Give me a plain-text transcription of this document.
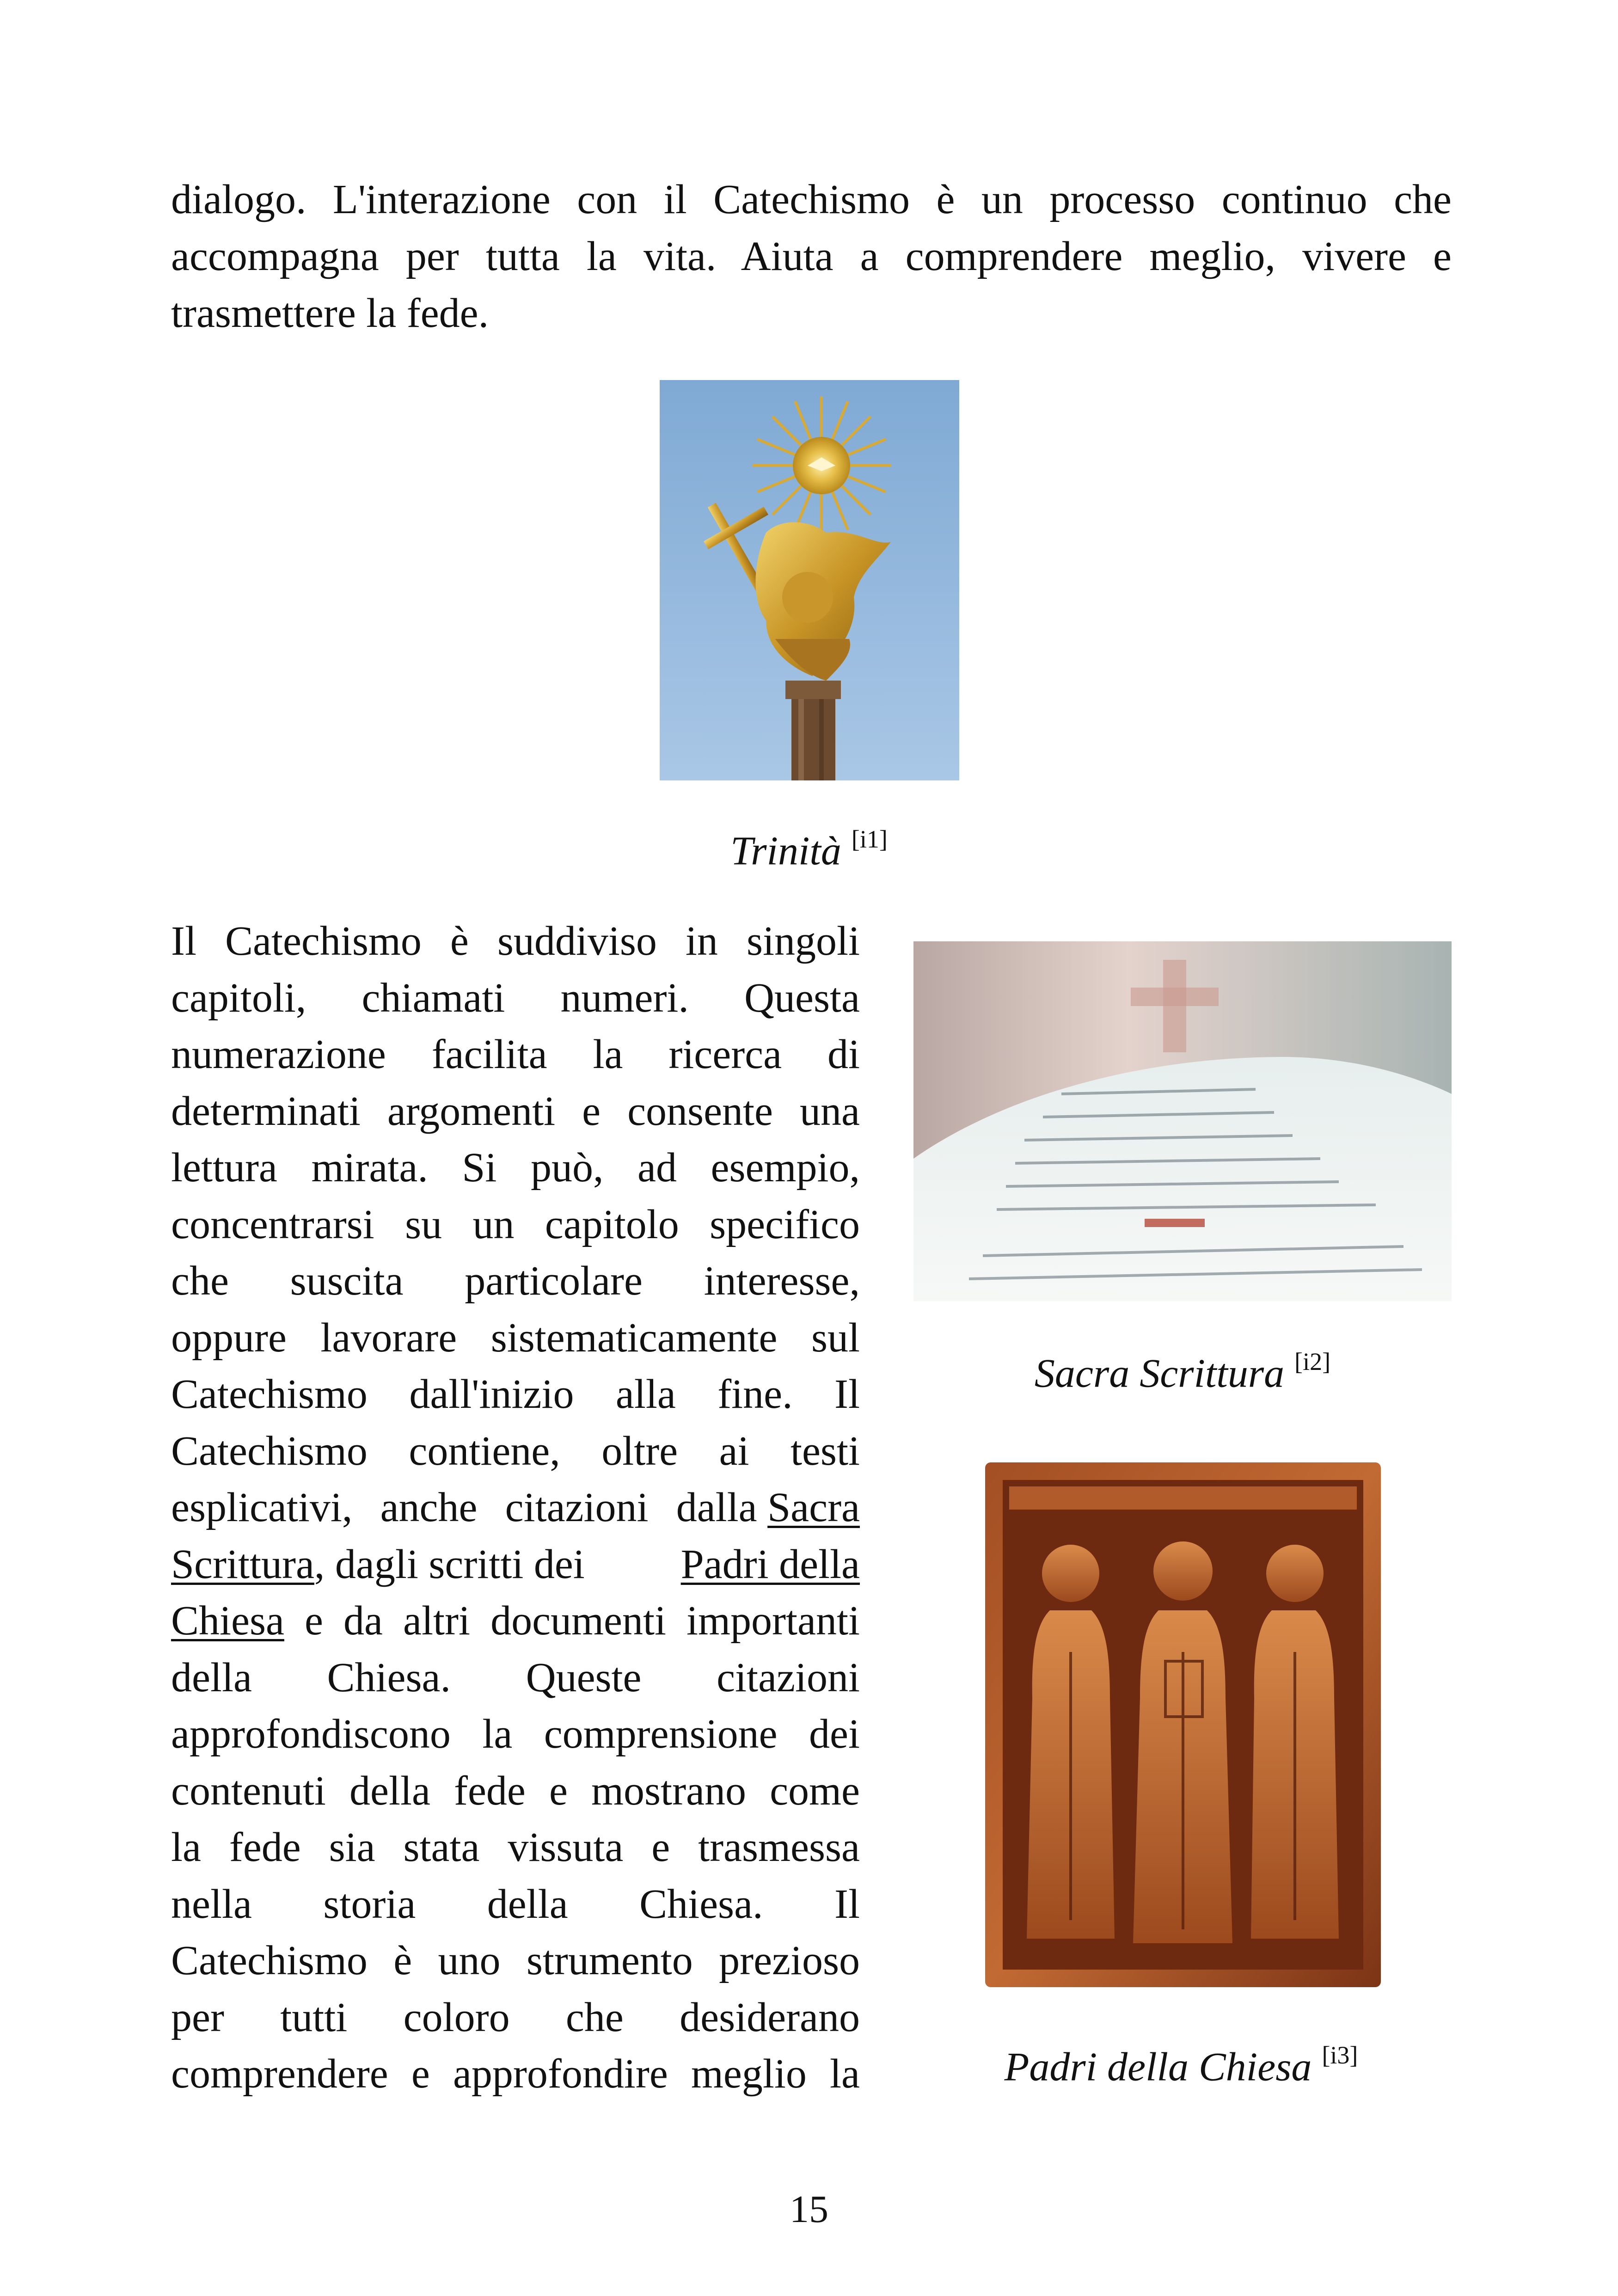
dialogo. L'interazione con il Catechismo è un processo continuo che
accompagna per tutta la vita. Aiuta a comprendere meglio, vivere e
trasmettere la fede.
Trinità [i1]
Sacra Scrittura [i2]
Padri della Chiesa [i3]
Il Catechismo è suddiviso in singoli
capitoli, chiamati numeri. Questa
numerazione facilita la ricerca di
determinati argomenti e consente una
lettura mirata. Si può, ad esempio,
concentrarsi su un capitolo specifico
che suscita particolare interesse,
oppure lavorare sistematicamente sul
Catechismo dall'inizio alla fine. Il
Catechismo contiene, oltre ai testi
esplicativi, anche citazioni dalla
Sacra
Scrittura, dagli scritti dei Padri della
Chiesa e da altri documenti importanti
della Chiesa. Queste citazioni
approfondiscono la comprensione dei
contenuti della fede e mostrano come
la fede sia stata vissuta e trasmessa
nella storia della Chiesa. Il
Catechismo è uno strumento prezioso
per tutti coloro che desiderano
comprendere e approfondire meglio la
15
